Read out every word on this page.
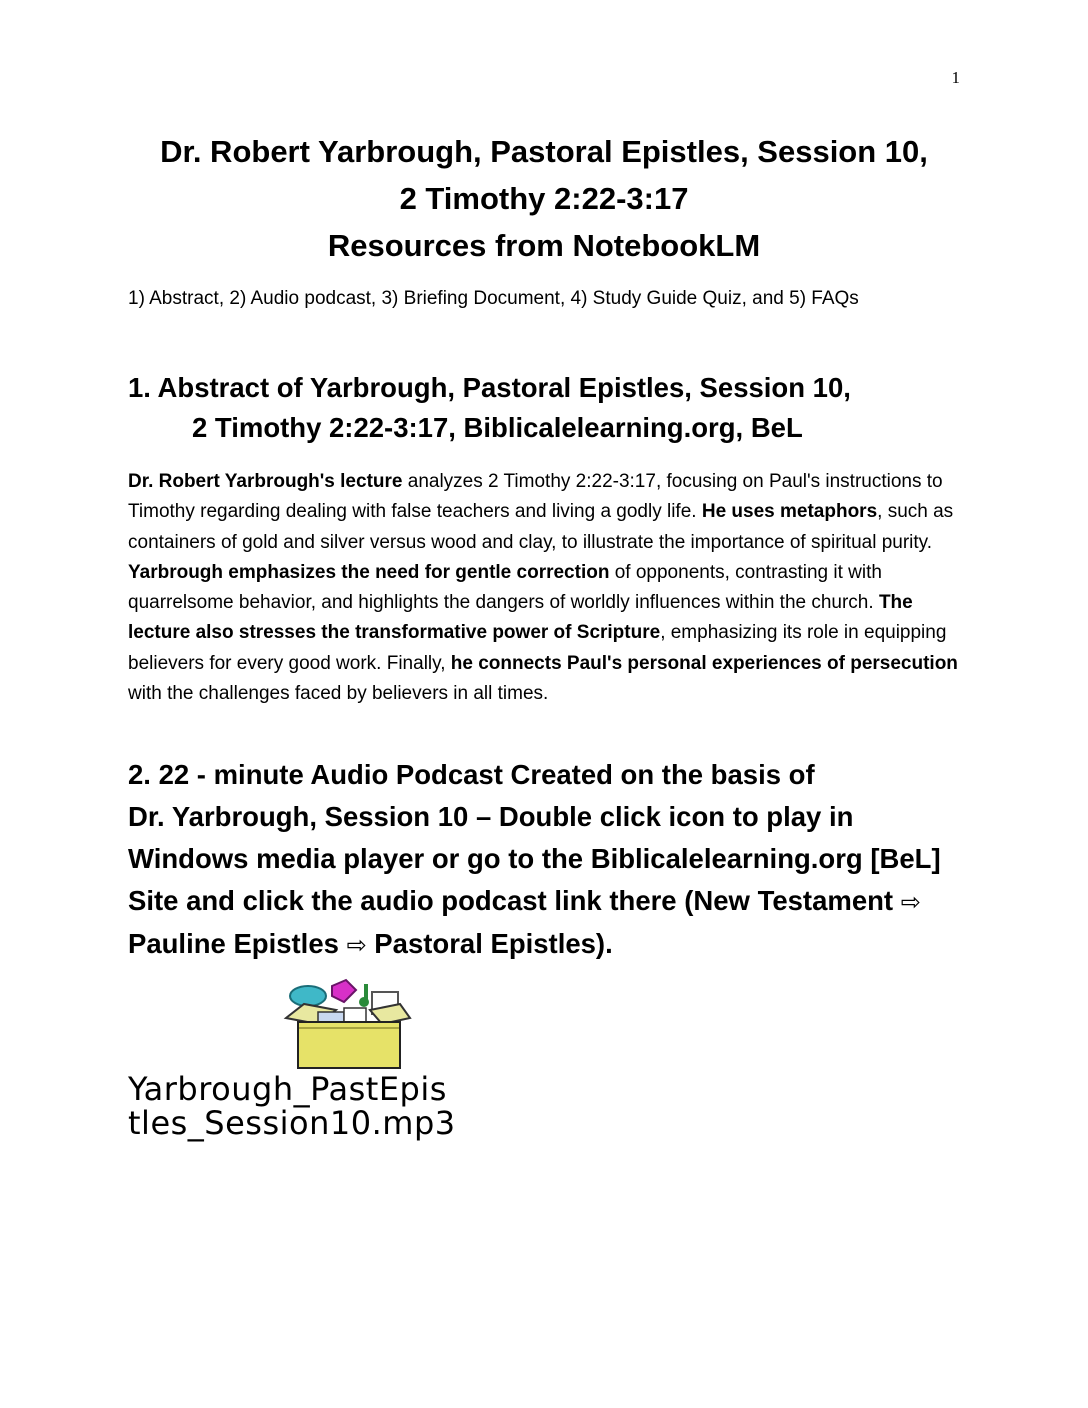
1
Dr. Robert Yarbrough, Pastoral Epistles, Session 10,
2 Timothy 2:22-3:17
Resources from NotebookLM
1) Abstract, 2) Audio podcast, 3) Briefing Document, 4) Study Guide Quiz, and 5) FAQs
1. Abstract of Yarbrough, Pastoral Epistles, Session 10,
2 Timothy 2:22-3:17, Biblicalelearning.org, BeL
Dr. Robert Yarbrough's lecture analyzes 2 Timothy 2:22-3:17, focusing on Paul's instructions to Timothy regarding dealing with false teachers and living a godly life. He uses metaphors, such as containers of gold and silver versus wood and clay, to illustrate the importance of spiritual purity. Yarbrough emphasizes the need for gentle correction of opponents, contrasting it with quarrelsome behavior, and highlights the dangers of worldly influences within the church. The lecture also stresses the transformative power of Scripture, emphasizing its role in equipping believers for every good work. Finally, he connects Paul's personal experiences of persecution with the challenges faced by believers in all times.
2. 22 - minute Audio Podcast Created on the basis of
Dr. Yarbrough, Session 10 – Double click icon to play in
Windows media player or go to the Biblicalelearning.org [BeL]
Site and click the audio podcast link there (New Testament ⇨
Pauline Epistles ⇨ Pastoral Epistles).
Yarbrough_PastEpis
tles_Session10.mp3
